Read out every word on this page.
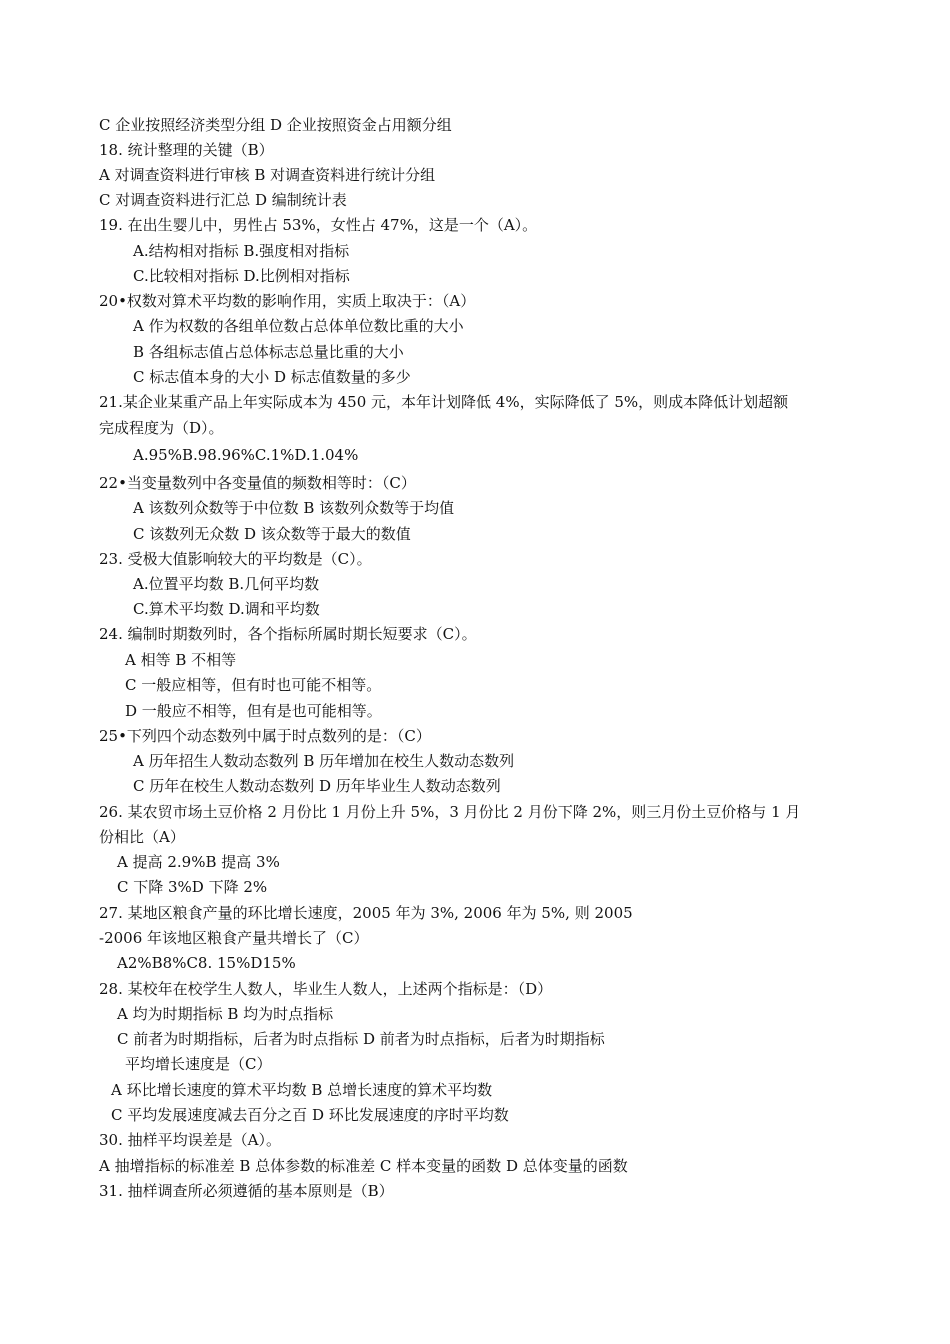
C 企业按照经济类型分组 D 企业按照资金占用额分组
18. 统计整理的关键（B）
A 对调查资料进行审核 B 对调查资料进行统计分组
C 对调查资料进行汇总 D 编制统计表
19. 在出生婴儿中，男性占 53%，女性占 47%，这是一个（A）。
A.结构相对指标 B.强度相对指标
C.比较相对指标 D.比例相对指标
20•权数对算术平均数的影响作用，实质上取决于：（A）
A 作为权数的各组单位数占总体单位数比重的大小
B 各组标志值占总体标志总量比重的大小
C 标志值本身的大小 D 标志值数量的多少
21.某企业某重产品上年实际成本为 450 元，本年计划降低 4%，实际降低了 5%，则成本降低计划超额
完成程度为（D）。
A.95%B.98.96%C.1%D.1.04%
22•当变量数列中各变量值的频数相等时：（C）
A 该数列众数等于中位数 B 该数列众数等于均值
C 该数列无众数 D 该众数等于最大的数值
23. 受极大值影响较大的平均数是（C）。
A.位置平均数 B.几何平均数
C.算术平均数 D.调和平均数
24. 编制时期数列时，各个指标所属时期长短要求（C）。
A 相等 B 不相等
C 一般应相等，但有时也可能不相等。
D 一般应不相等，但有是也可能相等。
25•下列四个动态数列中属于时点数列的是：（C）
A 历年招生人数动态数列 B 历年增加在校生人数动态数列
C 历年在校生人数动态数列 D 历年毕业生人数动态数列
26. 某农贸市场土豆价格 2 月份比 1 月份上升 5%，3 月份比 2 月份下降 2%，则三月份土豆价格与 1 月
份相比（A）
A 提高 2.9%B 提高 3%
C 下降 3%D 下降 2%
27. 某地区粮食产量的环比增长速度，2005 年为 3%, 2006 年为 5%, 则 2005
-2006 年该地区粮食产量共增长了（C）
A2%B8%C8. 15%D15%
28. 某校年在校学生人数人，毕业生人数人，上述两个指标是：（D）
A 均为时期指标 B 均为时点指标
C 前者为时期指标，后者为时点指标 D 前者为时点指标，后者为时期指标
平均增长速度是（C）
A 环比增长速度的算术平均数 B 总增长速度的算术平均数
C 平均发展速度减去百分之百 D 环比发展速度的序时平均数
30. 抽样平均误差是（A）。
A 抽增指标的标准差 B 总体参数的标准差 C 样本变量的函数 D 总体变量的函数
31. 抽样调查所必须遵循的基本原则是（B）
